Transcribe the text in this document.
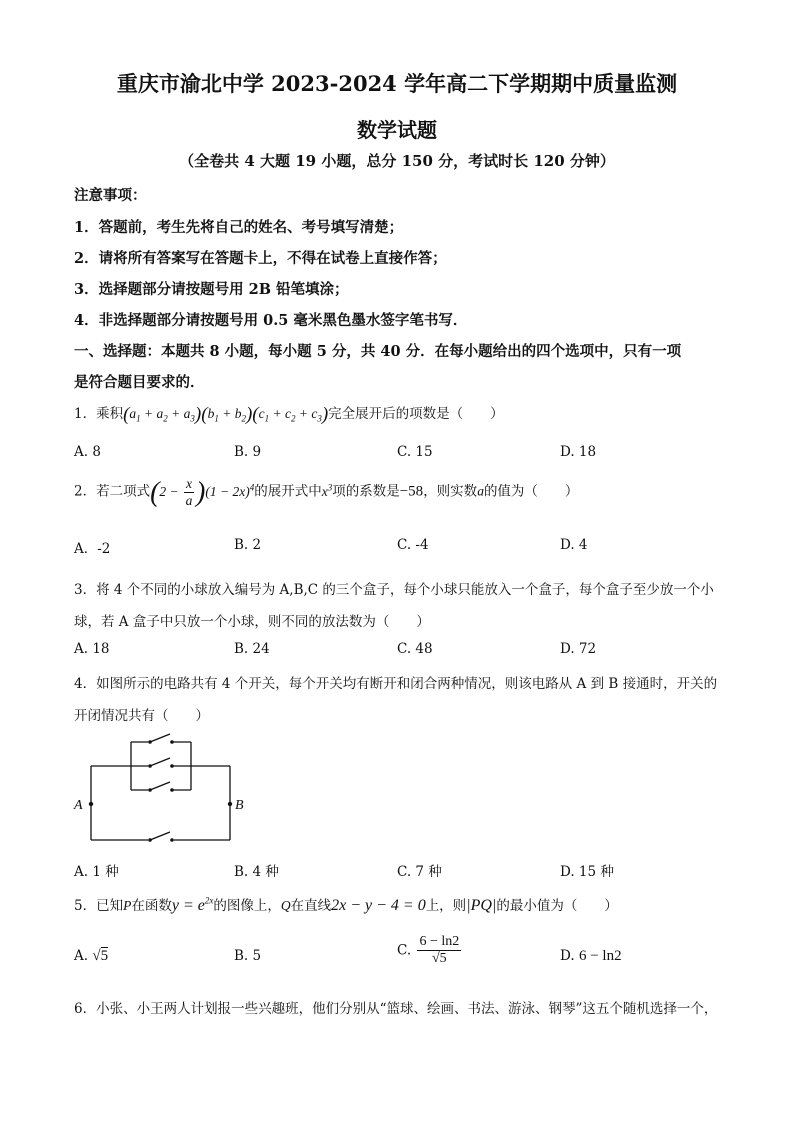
重庆市渝北中学 2023-2024 学年高二下学期期中质量监测
数学试题
（全卷共 4 大题 19 小题，总分 150 分，考试时长 120 分钟）
注意事项：
1．答题前，考生先将自己的姓名、考号填写清楚；
2．请将所有答案写在答题卡上，不得在试卷上直接作答；
3．选择题部分请按题号用 2B 铅笔填涂；
4．非选择题部分请按题号用 0.5 毫米黑色墨水签字笔书写．
一、选择题：本题共 8 小题，每小题 5 分，共 40 分．在每小题给出的四个选项中，只有一项
是符合题目要求的．
1．乘积$(a_1 + a_2 + a_3)(b_1 + b_2)(c_1 + c_2 + c_3)$完全展开后的项数是（　　）
A. 8	B. 9	C. 15	D. 18
2．若二项式$(2 - \frac{x}{a} )(1 - 2x)^4$的展开式中$x^3$项的系数是−58，则实数a的值为（　　）
A．-2	B. 2	C. -4	D. 4
3．将 4 个不同的小球放入编号为 A,B,C 的三个盒子，每个小球只能放入一个盒子，每个盒子至少放一个小
球，若 A 盒子中只放一个小球，则不同的放法数为（　　）
A. 18	B. 24	C. 48	D. 72
4．如图所示的电路共有 4 个开关，每个开关均有断开和闭合两种情况，则该电路从 A 到 B 接通时，开关的
开闭情况共有（　　）
A	B
A. 1 种	B. 4 种	C. 7 种	D. 15 种
5．已知P在函数$y = e^{2x}$的图像上，Q在直线2x − y − 4 = 0上，则|PQ|的最小值为（　　）
A. √5	B. 5	C. $\frac{6 - \ln 2}{√5}$	D. 6 − ln2
6．小张、小王两人计划报一些兴趣班，他们分别从“篮球、绘画、书法、游泳、钢琴”这五个随机选择一个，
